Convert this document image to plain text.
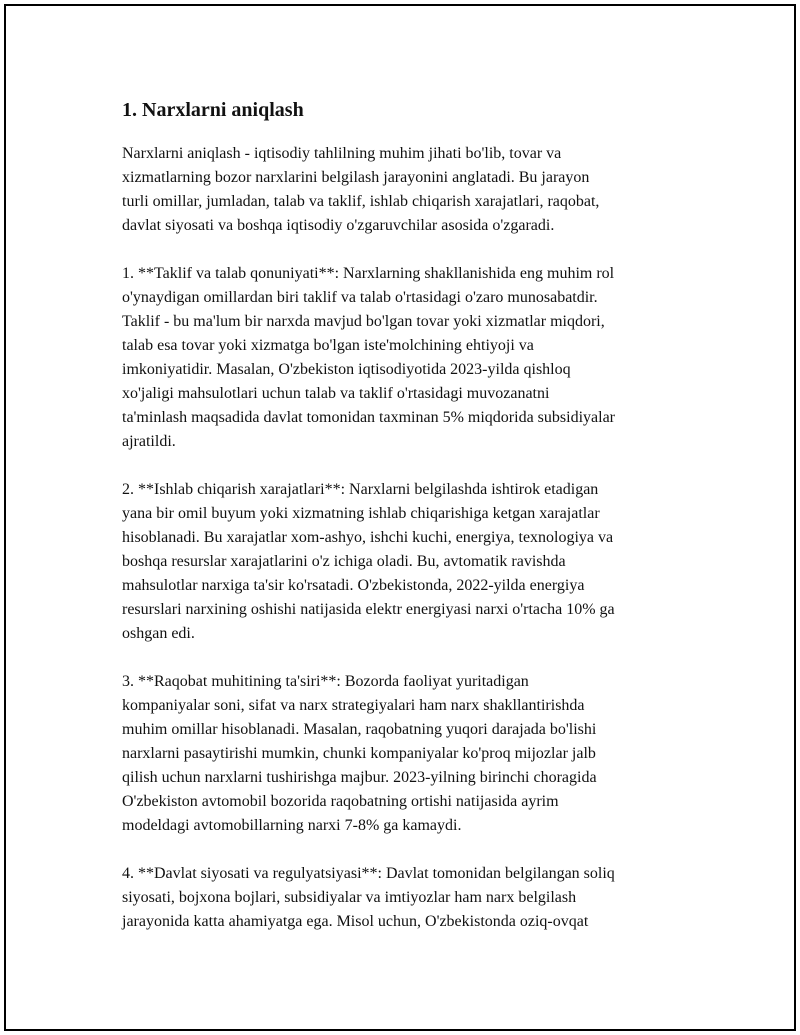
1. Narxlarni aniqlash

Narxlarni aniqlash - iqtisodiy tahlilning muhim jihati bo'lib, tovar va
xizmatlarning bozor narxlarini belgilash jarayonini anglatadi. Bu jarayon
turli omillar, jumladan, talab va taklif, ishlab chiqarish xarajatlari, raqobat,
davlat siyosati va boshqa iqtisodiy o'zgaruvchilar asosida o'zgaradi.

1. **Taklif va talab qonuniyati**: Narxlarning shakllanishida eng muhim rol
o'ynaydigan omillardan biri taklif va talab o'rtasidagi o'zaro munosabatdir.
Taklif - bu ma'lum bir narxda mavjud bo'lgan tovar yoki xizmatlar miqdori,
talab esa tovar yoki xizmatga bo'lgan iste'molchining ehtiyoji va
imkoniyatidir. Masalan, O'zbekiston iqtisodiyotida 2023-yilda qishloq
xo'jaligi mahsulotlari uchun talab va taklif o'rtasidagi muvozanatni
ta'minlash maqsadida davlat tomonidan taxminan 5% miqdorida subsidiyalar
ajratildi.

2. **Ishlab chiqarish xarajatlari**: Narxlarni belgilashda ishtirok etadigan
yana bir omil buyum yoki xizmatning ishlab chiqarishiga ketgan xarajatlar
hisoblanadi. Bu xarajatlar xom-ashyo, ishchi kuchi, energiya, texnologiya va
boshqa resurslar xarajatlarini o'z ichiga oladi. Bu, avtomatik ravishda
mahsulotlar narxiga ta'sir ko'rsatadi. O'zbekistonda, 2022-yilda energiya
resurslari narxining oshishi natijasida elektr energiyasi narxi o'rtacha 10% ga
oshgan edi.

3. **Raqobat muhitining ta'siri**: Bozorda faoliyat yuritadigan
kompaniyalar soni, sifat va narx strategiyalari ham narx shakllantirishda
muhim omillar hisoblanadi. Masalan, raqobatning yuqori darajada bo'lishi
narxlarni pasaytirishi mumkin, chunki kompaniyalar ko'proq mijozlar jalb
qilish uchun narxlarni tushirishga majbur. 2023-yilning birinchi choragida
O'zbekiston avtomobil bozorida raqobatning ortishi natijasida ayrim
modeldagi avtomobillarning narxi 7-8% ga kamaydi.

4. **Davlat siyosati va regulyatsiyasi**: Davlat tomonidan belgilangan soliq
siyosati, bojxona bojlari, subsidiyalar va imtiyozlar ham narx belgilash
jarayonida katta ahamiyatga ega. Misol uchun, O'zbekistonda oziq-ovqat
